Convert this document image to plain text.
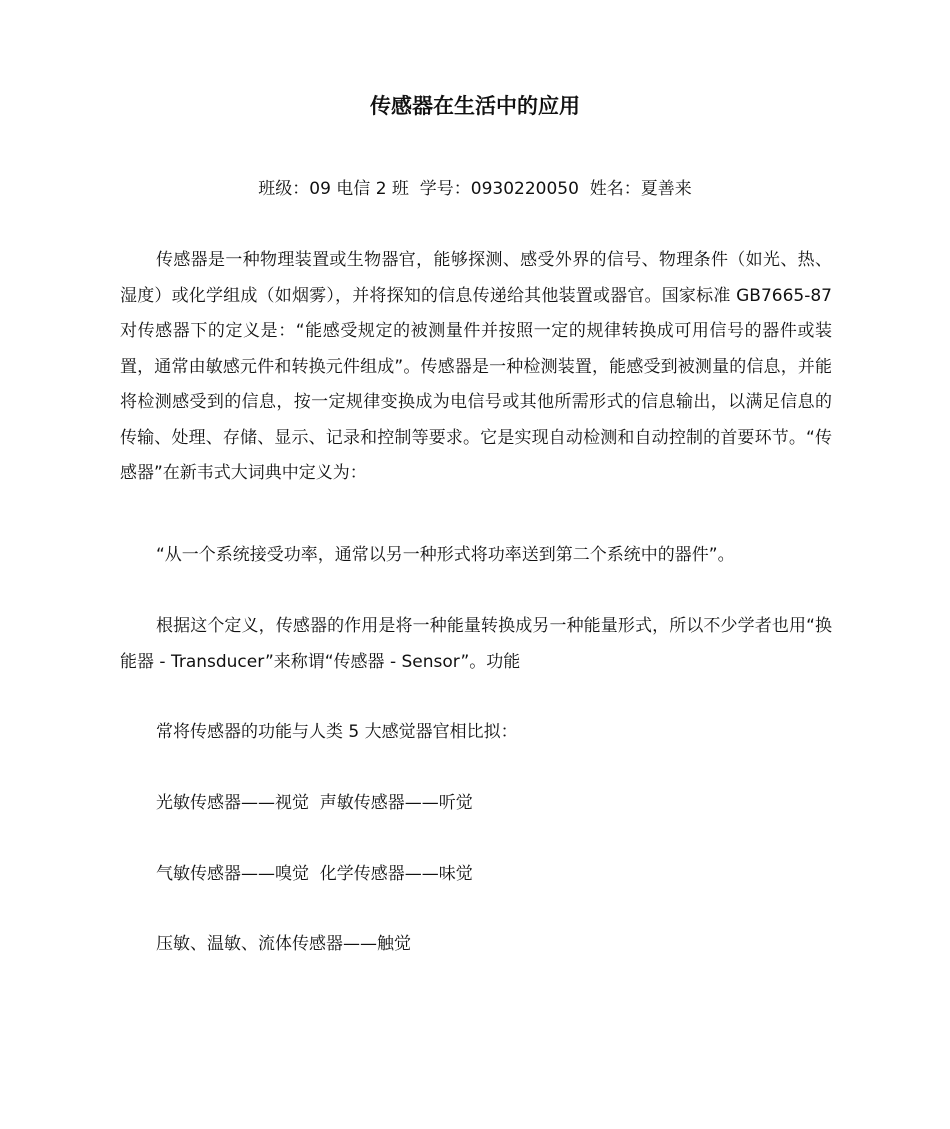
传感器在生活中的应用

班级：09 电信 2 班 学号：0930220050 姓名：夏善来

传感器是一种物理装置或生物器官，能够探测、感受外界的信号、物理条件（如光、热、湿度）或化学组成（如烟雾），并将探知的信息传递给其他装置或器官。国家标准 GB7665-87 对传感器下的定义是：“能感受规定的被测量件并按照一定的规律转换成可用信号的器件或装置，通常由敏感元件和转换元件组成”。传感器是一种检测装置，能感受到被测量的信息，并能将检测感受到的信息，按一定规律变换成为电信号或其他所需形式的信息输出，以满足信息的传输、处理、存储、显示、记录和控制等要求。它是实现自动检测和自动控制的首要环节。“传感器”在新韦式大词典中定义为：

“从一个系统接受功率，通常以另一种形式将功率送到第二个系统中的器件”。

根据这个定义，传感器的作用是将一种能量转换成另一种能量形式，所以不少学者也用“换能器 - Transducer”来称谓“传感器 - Sensor”。功能

常将传感器的功能与人类 5 大感觉器官相比拟：

光敏传感器——视觉  声敏传感器——听觉

气敏传感器——嗅觉  化学传感器——味觉

压敏、温敏、流体传感器——触觉
